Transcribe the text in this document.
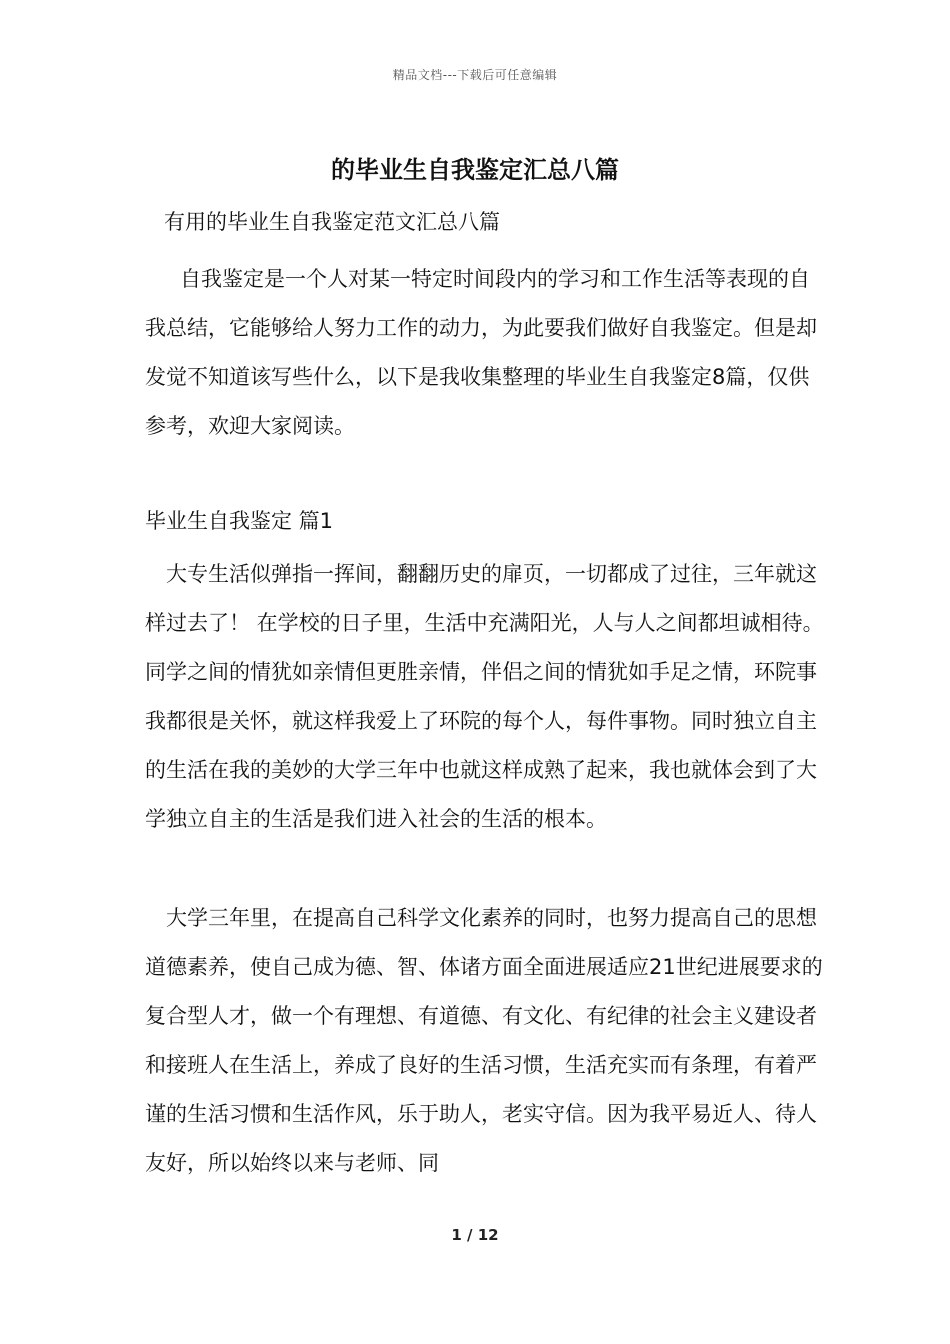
精品文档---下载后可任意编辑
的毕业生自我鉴定汇总八篇

有用的毕业生自我鉴定范文汇总八篇

自我鉴定是一个人对某一特定时间段内的学习和工作生活等表现的自我总结，它能够给人努力工作的动力，为此要我们做好自我鉴定。但是却发觉不知道该写些什么，以下是我收集整理的毕业生自我鉴定8篇，仅供参考，欢迎大家阅读。

毕业生自我鉴定 篇1

大专生活似弹指一挥间，翻翻历史的扉页，一切都成了过往，三年就这样过去了！ 在学校的日子里，生活中充满阳光，人与人之间都坦诚相待。同学之间的情犹如亲情但更胜亲情，伴侣之间的情犹如手足之情，环院事我都很是关怀，就这样我爱上了环院的每个人，每件事物。同时独立自主的生活在我的美妙的大学三年中也就这样成熟了起来，我也就体会到了大学独立自主的生活是我们进入社会的生活的根本。

大学三年里，在提高自己科学文化素养的同时，也努力提高自己的思想道德素养，使自己成为德、智、体诸方面全面进展适应21世纪进展要求的复合型人才，做一个有理想、有道德、有文化、有纪律的社会主义建设者和接班人在生活上，养成了良好的生活习惯，生活充实而有条理，有着严谨的生活习惯和生活作风，乐于助人，老实守信。因为我平易近人、待人友好，所以始终以来与老师、同

1 / 12
